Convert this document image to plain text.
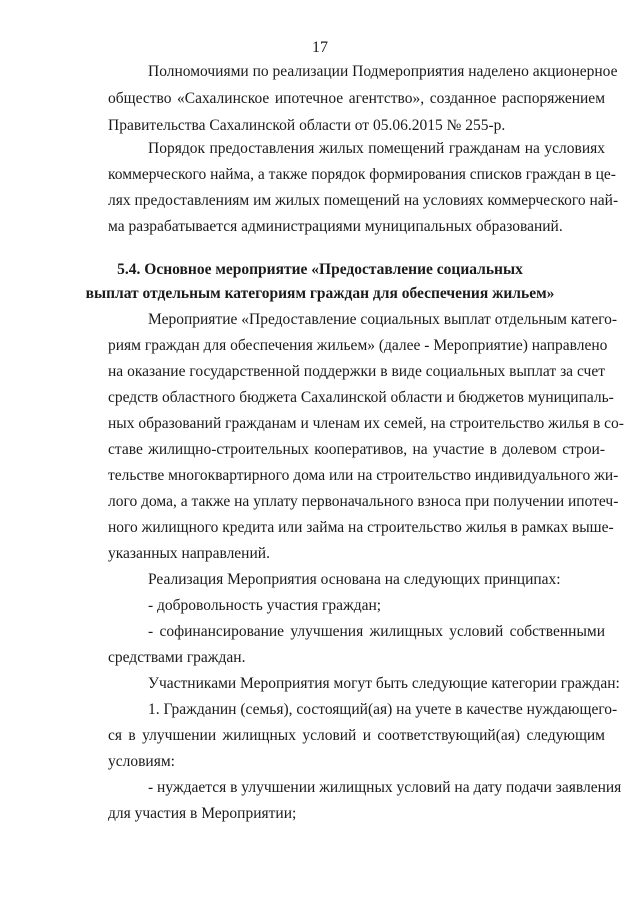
17
Полномочиями по реализации Подмероприятия наделено акционерное
общество «Сахалинское ипотечное агентство», созданное распоряжением
Правительства Сахалинской области от 05.06.2015 № 255-р.
Порядок предоставления жилых помещений гражданам на условиях
коммерческого найма, а также порядок формирования списков граждан в це-
лях предоставлениям им жилых помещений на условиях коммерческого най-
ма разрабатывается администрациями муниципальных образований.
5.4. Основное мероприятие «Предоставление социальных
выплат отдельным категориям граждан для обеспечения жильем»
Мероприятие «Предоставление социальных выплат отдельным катего-
риям граждан для обеспечения жильем» (далее - Мероприятие) направлено
на оказание государственной поддержки в виде социальных выплат за счет
средств областного бюджета Сахалинской области и бюджетов муниципаль-
ных образований гражданам и членам их семей, на строительство жилья в со-
ставе жилищно-строительных кооперативов, на участие в долевом строи-
тельстве многоквартирного дома или на строительство индивидуального жи-
лого дома, а также на уплату первоначального взноса при получении ипотеч-
ного жилищного кредита или займа на строительство жилья в рамках выше-
указанных направлений.
Реализация Мероприятия основана на следующих принципах:
- добровольность участия граждан;
- софинансирование улучшения жилищных условий собственными
средствами граждан.
Участниками Мероприятия могут быть следующие категории граждан:
1. Гражданин (семья), состоящий(ая) на учете в качестве нуждающего-
ся в улучшении жилищных условий и соответствующий(ая) следующим
условиям:
- нуждается в улучшении жилищных условий на дату подачи заявления
для участия в Мероприятии;
